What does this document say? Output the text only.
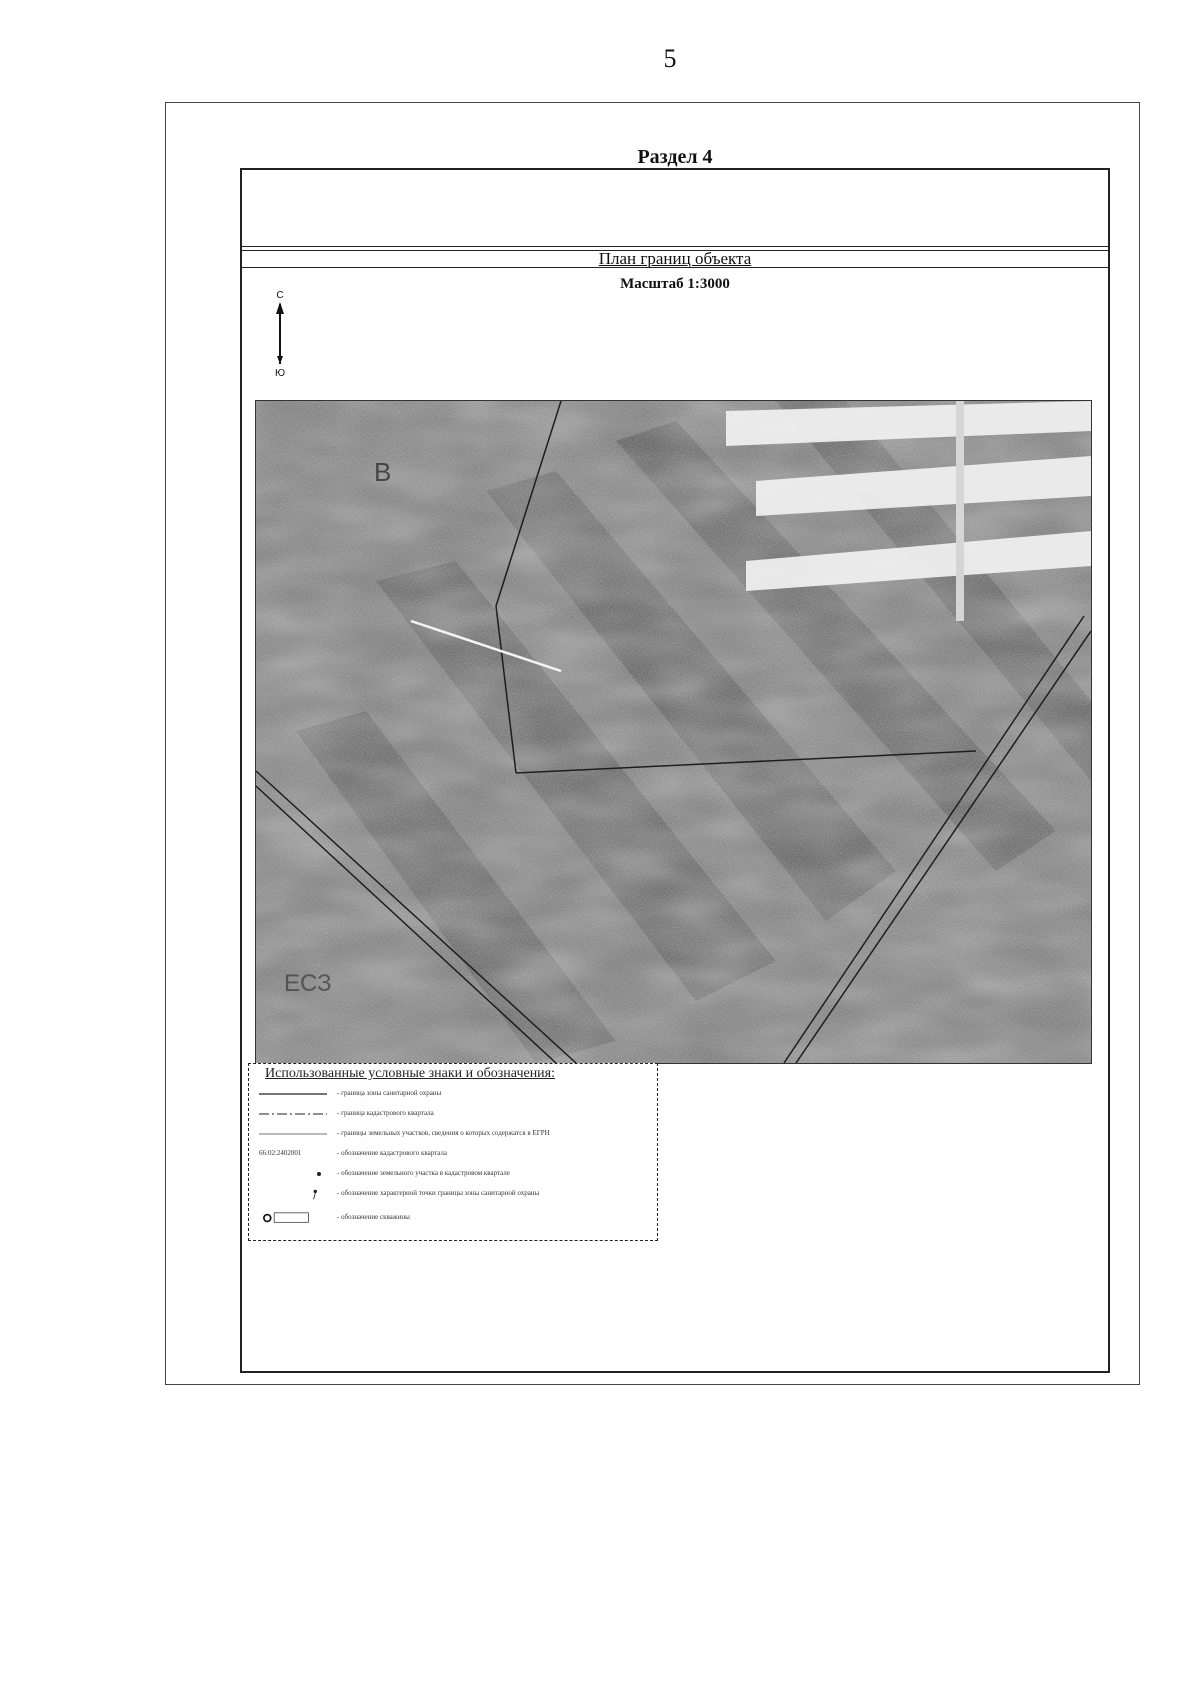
5
Раздел 4
План границ объекта
Масштаб 1:3000
С
Ю
В
ЕСЗ
Использованные условные знаки и обозначения:
- граница зоны санитарной охраны
- граница кадастрового квартала
- границы земельных участков, сведения о которых содержатся в ЕГРН
66:02:2402001	- обозначение кадастрового квартала
- обозначение земельного участка в кадастровом квартале
- обозначение характерной точки границы зоны санитарной охраны
- обозначение скважины
